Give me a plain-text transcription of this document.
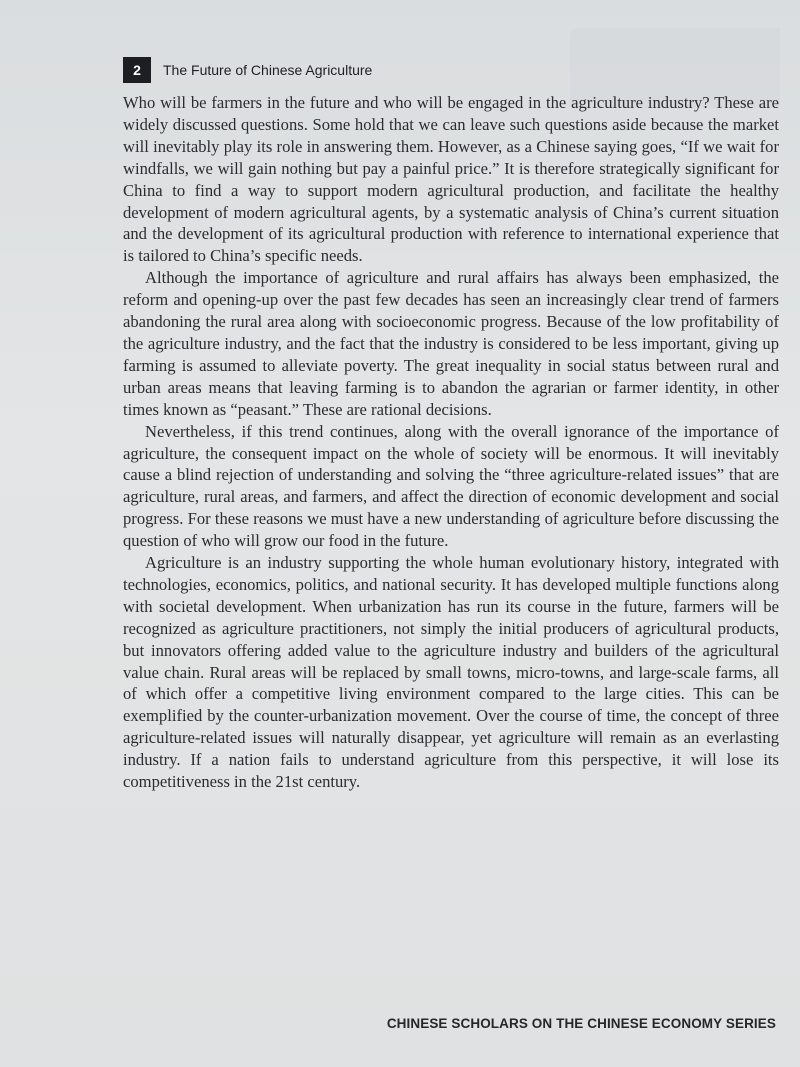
2	The Future of Chinese Agriculture

Who will be farmers in the future and who will be engaged in the agriculture industry? These are widely discussed questions. Some hold that we can leave such questions aside because the market will inevitably play its role in answering them. However, as a Chinese saying goes, “If we wait for windfalls, we will gain nothing but pay a painful price.” It is therefore strategically significant for China to find a way to support modern agricultural production, and facilitate the healthy development of modern agricultural agents, by a systematic analysis of China’s current situation and the development of its agricultural production with reference to international experience that is tailored to China’s specific needs.

Although the importance of agriculture and rural affairs has always been emphasized, the reform and opening-up over the past few decades has seen an increasingly clear trend of farmers abandoning the rural area along with socioeconomic progress. Because of the low profitability of the agriculture industry, and the fact that the industry is considered to be less important, giving up farming is assumed to alleviate poverty. The great inequality in social status between rural and urban areas means that leaving farming is to abandon the agrarian or farmer identity, in other times known as “peasant.” These are rational decisions.

Nevertheless, if this trend continues, along with the overall ignorance of the importance of agriculture, the consequent impact on the whole of society will be enormous. It will inevitably cause a blind rejection of understanding and solving the “three agriculture-related issues” that are agriculture, rural areas, and farmers, and affect the direction of economic development and social progress. For these reasons we must have a new understanding of agriculture before discussing the question of who will grow our food in the future.

Agriculture is an industry supporting the whole human evolutionary history, integrated with technologies, economics, politics, and national security. It has developed multiple functions along with societal development. When urbanization has run its course in the future, farmers will be recognized as agriculture practitioners, not simply the initial producers of agricultural products, but innovators offering added value to the agriculture industry and builders of the agricultural value chain. Rural areas will be replaced by small towns, micro-towns, and large-scale farms, all of which offer a competitive living environment compared to the large cities. This can be exemplified by the counter-urbanization movement. Over the course of time, the concept of three agriculture-related issues will naturally disappear, yet agriculture will remain as an everlasting industry. If a nation fails to understand agriculture from this perspective, it will lose its competitiveness in the 21st century.

CHINESE SCHOLARS ON THE CHINESE ECONOMY SERIES
